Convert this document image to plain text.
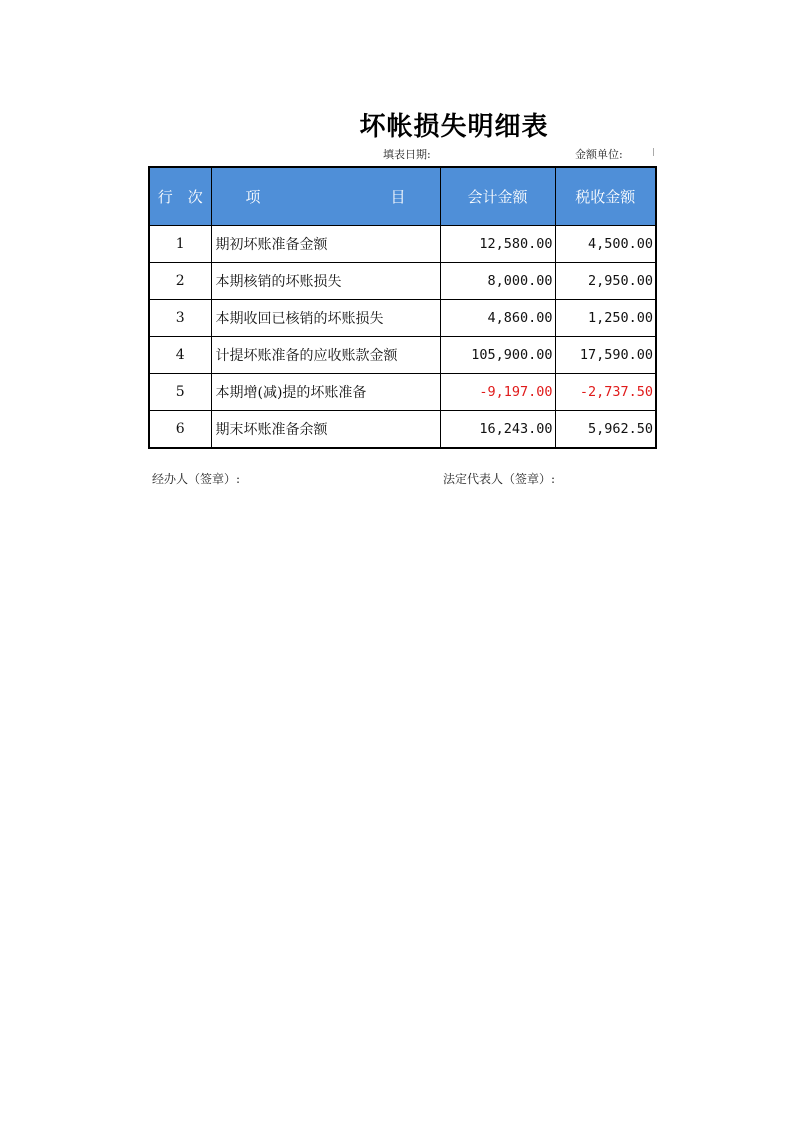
坏帐损失明细表
填表日期:	金额单位:
行　次	项 目	会计金额	税收金额
1	期初坏账准备金额	12,580.00	4,500.00
2	本期核销的坏账损失	8,000.00	2,950.00
3	本期收回已核销的坏账损失	4,860.00	1,250.00
4	计提坏账准备的应收账款金额	105,900.00	17,590.00
5	本期增(减)提的坏账准备	-9,197.00	-2,737.50
6	期末坏账准备余额	16,243.00	5,962.50
经办人（签章）:	法定代表人（签章）:
